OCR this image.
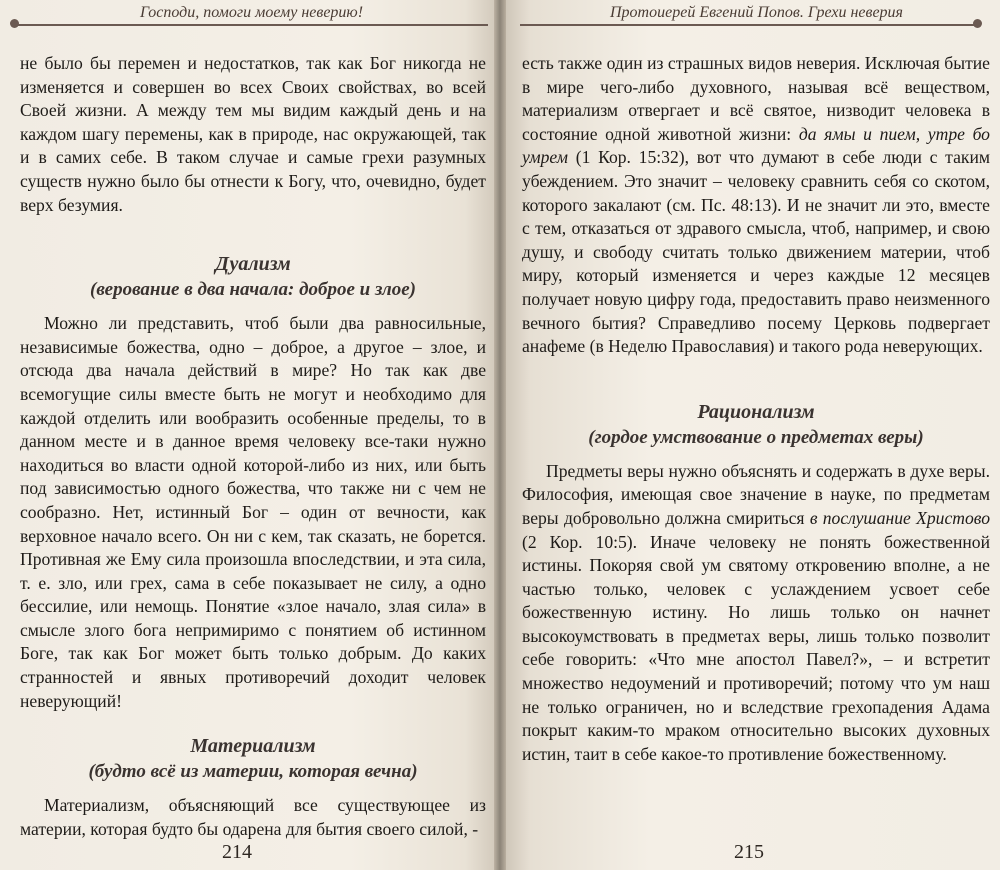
Господи, помоги моему неверию!

не было бы перемен и недостатков, так как Бог никогда не изменяется и совершен во всех Своих свойствах, во всей Своей жизни. А между тем мы видим каждый день и на каждом шагу перемены, как в природе, нас окружающей, так и в самих себе. В таком случае и самые грехи разумных существ нужно было бы отнести к Богу, что, очевидно, будет верх безумия.

Дуализм
(верование в два начала: доброе и злое)

Можно ли представить, чтоб были два равносильные, независимые божества, одно – доброе, а другое – злое, и отсюда два начала действий в мире? Но так как две всемогущие силы вместе быть не могут и необходимо для каждой отделить или вообразить особенные пределы, то в данном месте и в данное время человеку все-таки нужно находиться во власти одной которой-либо из них, или быть под зависимостью одного божества, что также ни с чем не сообразно. Нет, истинный Бог – один от вечности, как верховное начало всего. Он ни с кем, так сказать, не борется. Противная же Ему сила произошла впоследствии, и эта сила, т. е. зло, или грех, сама в себе показывает не силу, а одно бессилие, или немощь. Понятие «злое начало, злая сила» в смысле злого бога непримиримо с понятием об истинном Боге, так как Бог может быть только добрым. До каких странностей и явных противоречий доходит человек неверующий!

Материализм
(будто всё из материи, которая вечна)

Материализм, объясняющий все существующее из материи, которая будто бы одарена для бытия своего силой, -

214
Протоиерей Евгений Попов. Грехи неверия

есть также один из страшных видов неверия. Исключая бытие в мире чего-либо духовного, называя всё веществом, материализм отвергает и всё святое, низводит человека в состояние одной животной жизни: да ямы и пием, утре бо умрем (1 Кор. 15:32), вот что думают в себе люди с таким убеждением. Это значит – человеку сравнить себя со скотом, которого закалают (см. Пс. 48:13). И не значит ли это, вместе с тем, отказаться от здравого смысла, чтоб, например, и свою душу, и свободу считать только движением материи, чтоб миру, который изменяется и через каждые 12 месяцев получает новую цифру года, предоставить право неизменного вечного бытия? Справедливо посему Церковь подвергает анафеме (в Неделю Православия) и такого рода неверующих.

Рационализм
(гордое умствование о предметах веры)

Предметы веры нужно объяснять и содержать в духе веры. Философия, имеющая свое значение в науке, по предметам веры добровольно должна смириться в послушание Христово (2 Кор. 10:5). Иначе человеку не понять божественной истины. Покоряя свой ум святому откровению вполне, а не частью только, человек с услаждением усвоет себе божественную истину. Но лишь только он начнет высокоумствовать в предметах веры, лишь только позволит себе говорить: «Что мне апостол Павел?», – и встретит множество недоумений и противоречий; потому что ум наш не только ограничен, но и вследствие грехопадения Адама покрыт каким-то мраком относительно высоких духовных истин, таит в себе какое-то противление божественному.

215
